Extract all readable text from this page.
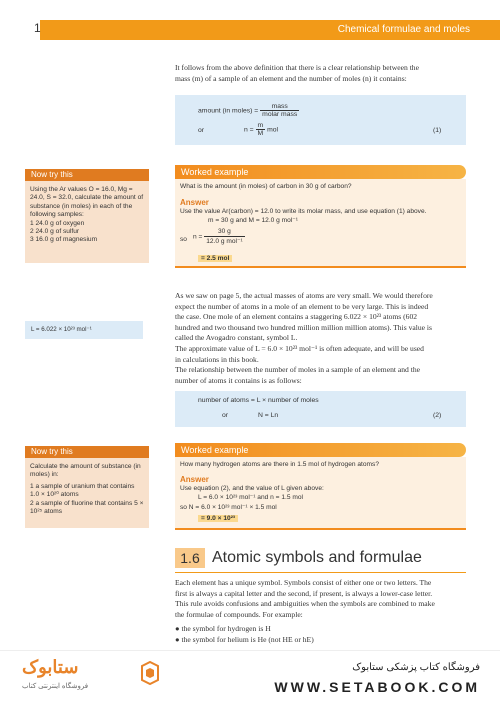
1	Chemical formulae and moles
It follows from the above definition that there is a clear relationship between the
mass (m) of a sample of an element and the number of moles (n) it contains:
amount (in moles) = $\frac{\text{mass}}{\text{molar mass}}$
or	$n = \frac{m}{M}$ mol	(1)
Now try this
Using the Ar values O = 16.0, Mg = 24.0, S = 32.0, calculate the amount of substance (in moles) in each of the following samples:
1 24.0 g of oxygen
2 24.0 g of sulfur
3 16.0 g of magnesium
Worked example
What is the amount (in moles) of carbon in 30 g of carbon?
Answer
Use the value Ar(carbon) = 12.0 to write its molar mass, and use equation (1) above.
m = 30 g and M = 12.0 g mol⁻¹
so $n = \frac{30 g}{\text{12.0 g mol⁻¹}}$
= 2.5 mol
L = 6.022 × 10²³ mol⁻¹
As we saw on page 5, the actual masses of atoms are very small. We would therefore
expect the number of atoms in a mole of an element to be very large. This is indeed
the case. One mole of an element contains a staggering 6.022 × 10²³ atoms (602
hundred and two thousand two hundred million million million atoms). This value is
called the Avogadro constant, symbol L.
The approximate value of L = 6.0 × 10²³ mol⁻¹ is often adequate, and will be used
in calculations in this book.
The relationship between the number of moles in a sample of an element and the
number of atoms it contains is as follows:
number of atoms = L × number of moles
or	N = Ln	(2)
Now try this
Calculate the amount of substance (in moles) in:
1 a sample of uranium that contains 1.0 × 10²⁰ atoms
2 a sample of fluorine that contains 5 × 10²⁵ atoms
Worked example
How many hydrogen atoms are there in 1.5 mol of hydrogen atoms?
Answer
Use equation (2), and the value of L given above:
L = 6.0 × 10²³ mol⁻¹ and n = 1.5 mol
so N = 6.0 × 10²³ mol⁻¹ × 1.5 mol
= 9.0 × 10²³
1.6 Atomic symbols and formulae
Each element has a unique symbol. Symbols consist of either one or two letters. The
first is always a capital letter and the second, if present, is always a lower-case letter.
This rule avoids confusions and ambiguities when the symbols are combined to make
the formulae of compounds. For example:
● the symbol for hydrogen is H
● the symbol for helium is He (not HE or hE)
ستابوک
فروشگاه اینترنتی کتاب
فروشگاه کتاب پزشکی ستابوک
WWW.SETABOOK.COM
